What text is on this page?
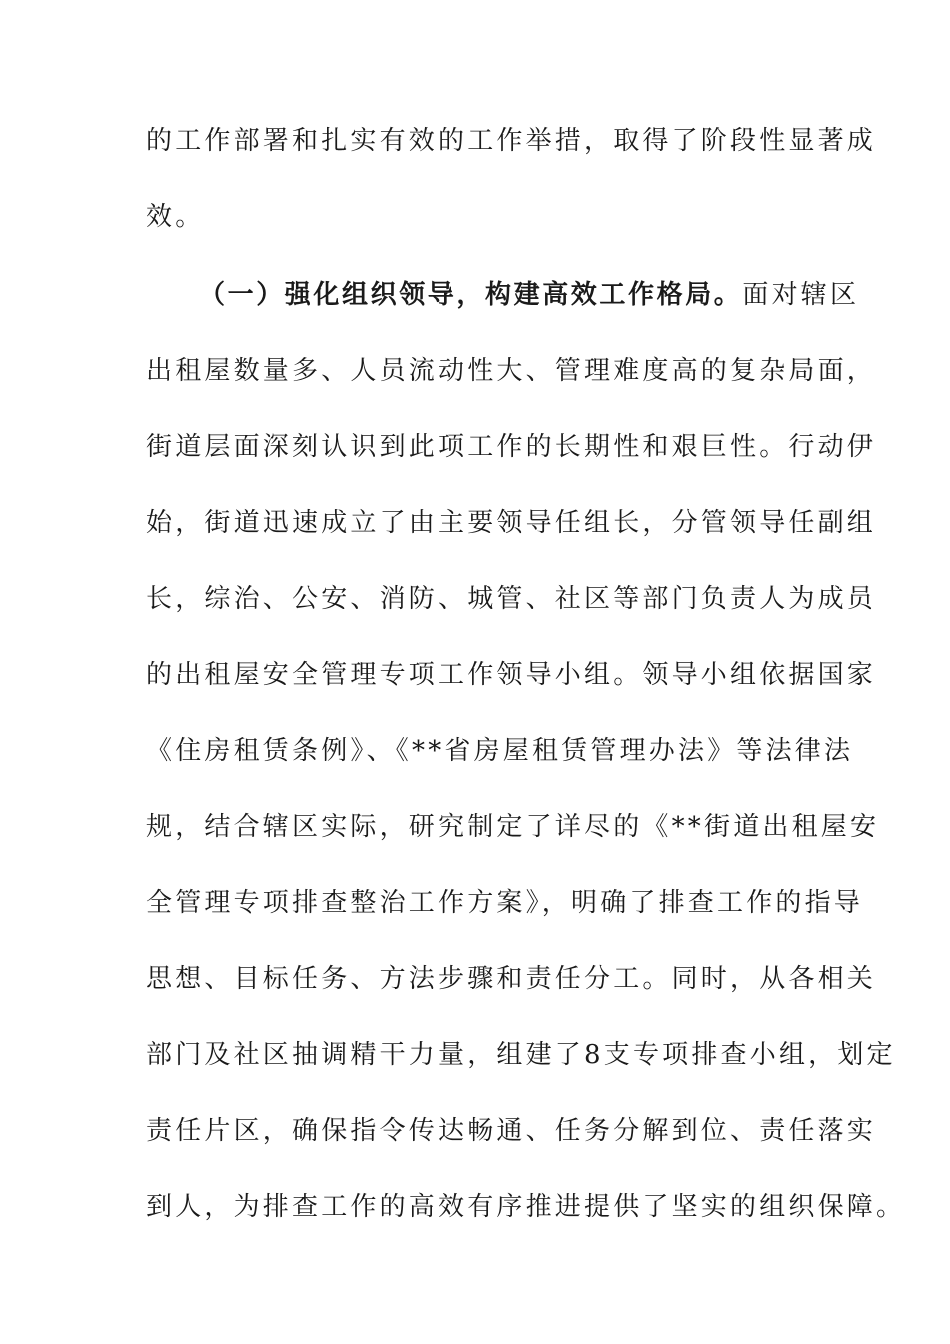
的工作部署和扎实有效的工作举措，取得了阶段性显著成
效。
（一）强化组织领导，构建高效工作格局。面对辖区
出租屋数量多、人员流动性大、管理难度高的复杂局面，
街道层面深刻认识到此项工作的长期性和艰巨性。行动伊
始，街道迅速成立了由主要领导任组长，分管领导任副组
长，综治、公安、消防、城管、社区等部门负责人为成员
的出租屋安全管理专项工作领导小组。领导小组依据国家
《住房租赁条例》、《**省房屋租赁管理办法》等法律法
规，结合辖区实际，研究制定了详尽的《**街道出租屋安
全管理专项排查整治工作方案》，明确了排查工作的指导
思想、目标任务、方法步骤和责任分工。同时，从各相关
部门及社区抽调精干力量，组建了8支专项排查小组，划定
责任片区，确保指令传达畅通、任务分解到位、责任落实
到人，为排查工作的高效有序推进提供了坚实的组织保障。
